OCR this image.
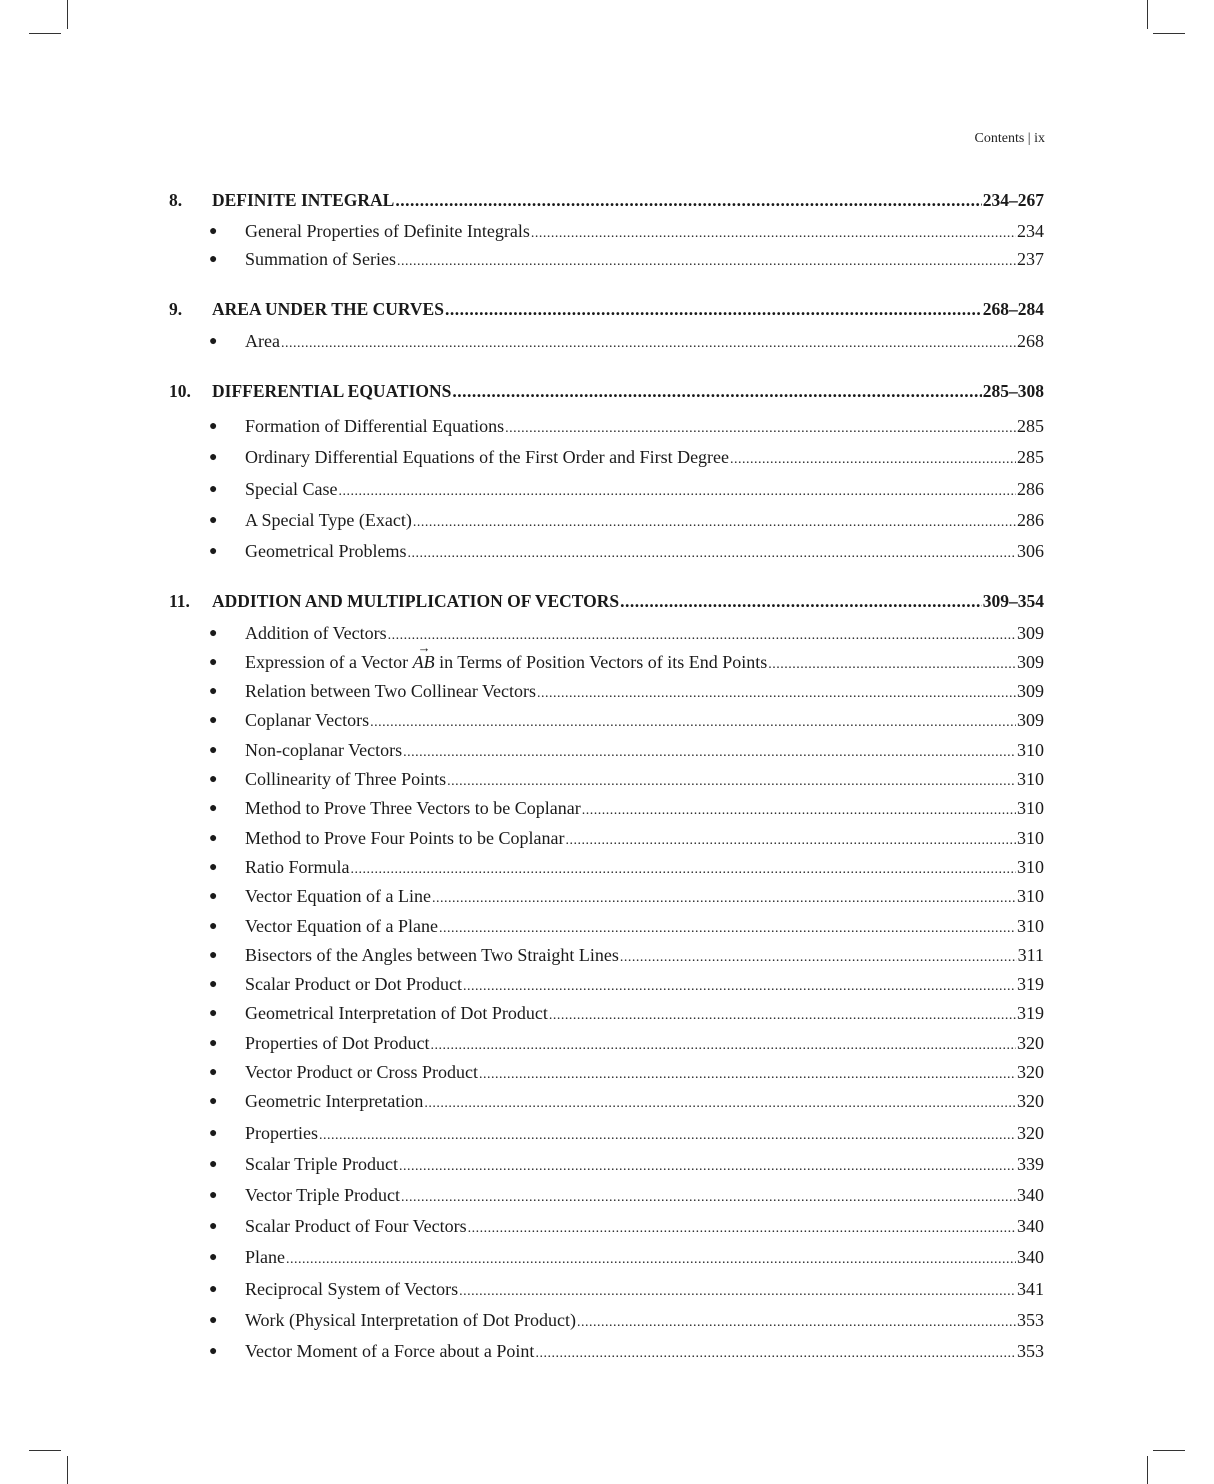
Contents | ix
8.	DEFINITE INTEGRAL .....	234–267
●	General Properties of Definite Integrals .....	234
●	Summation of Series .....	237
9.	AREA UNDER THE CURVES .....	268–284
●	Area .....	268
10.	DIFFERENTIAL EQUATIONS .....	285–308
●	Formation of Differential Equations .....	285
●	Ordinary Differential Equations of the First Order and First Degree .....	285
●	Special Case .....	286
●	A Special Type (Exact) .....	286
●	Geometrical Problems .....	306
11.	ADDITION AND MULTIPLICATION OF VECTORS .....	309–354
●	Addition of Vectors .....	309
●	Expression of a Vector → AB in Terms of Position Vectors of its End Points .....	309
●	Relation between Two Collinear Vectors .....	309
●	Coplanar Vectors .....	309
●	Non-coplanar Vectors .....	310
●	Collinearity of Three Points .....	310
●	Method to Prove Three Vectors to be Coplanar .....	310
●	Method to Prove Four Points to be Coplanar .....	310
●	Ratio Formula .....	310
●	Vector Equation of a Line .....	310
●	Vector Equation of a Plane .....	310
●	Bisectors of the Angles between Two Straight Lines .....	311
●	Scalar Product or Dot Product .....	319
●	Geometrical Interpretation of Dot Product .....	319
●	Properties of Dot Product .....	320
●	Vector Product or Cross Product .....	320
●	Geometric Interpretation .....	320
●	Properties .....	320
●	Scalar Triple Product .....	339
●	Vector Triple Product .....	340
●	Scalar Product of Four Vectors .....	340
●	Plane .....	340
●	Reciprocal System of Vectors .....	341
●	Work (Physical Interpretation of Dot Product) .....	353
●	Vector Moment of a Force about a Point .....	353
